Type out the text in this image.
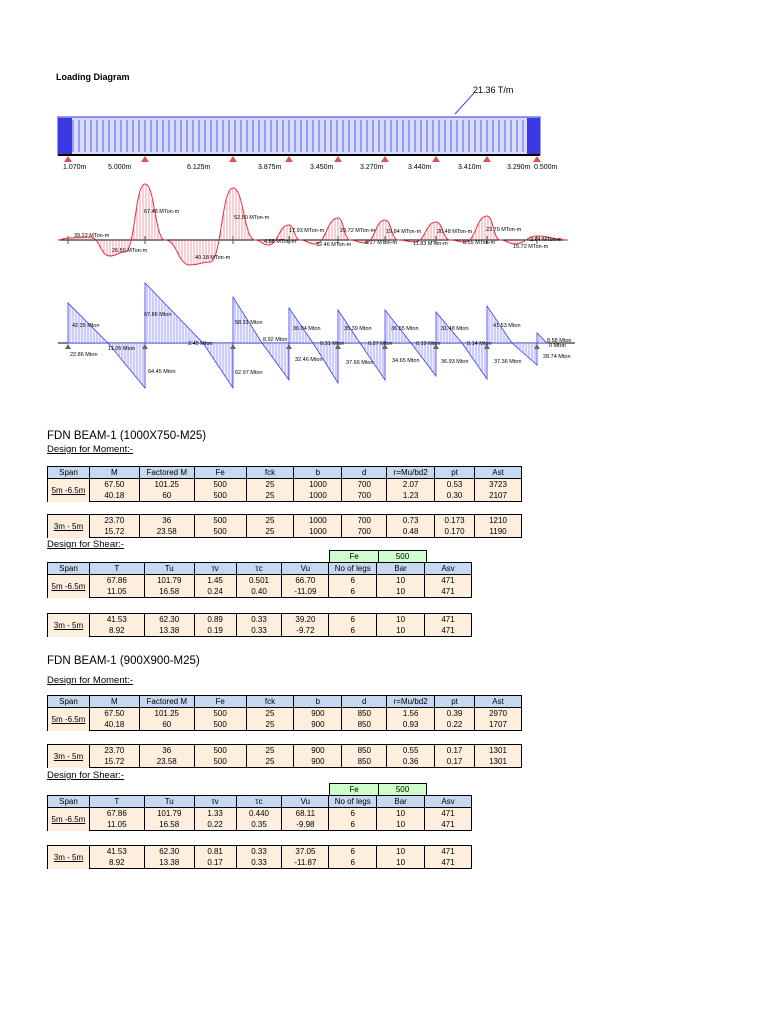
Loading Diagram
21.36 T/m
1.070m	5.000m	6.125m	3.875m	3.450m	3.270m	3.440m	3.410m	3.290m 0.500m
67.48 MTon-m
52.50 MTon-m
17.93 MTon-m	20.72 MTon-m 19.84 MTon-m	20.48 MTon-m	23.70 MTon-m
39.22 MTon-m
26.50 MTon-m
40.18 MTon-m
4.88 MTon-m	32.46 MTon-m	8.27 MTon-m	11.83 MTon-m	8.55 MTon-m
15.72 MTon-m
2.64 MTon-m
42.35 Mton
67.86 Mton
58.31 Mton
36.04 Mton	35.39 Mton	36.55 Mton	31.48 Mton	41.53 Mton
22.86 Mton
11.05 Mton
64.45 Mton
2.45 Mton
62.97 Mton
8.92 Mton
32.46 Mton
0.31 Mton
37.66 Mton
0.27 Mton
34.65 Mton
0.19 Mton
36.93 Mton
0.14 Mton
37.36 Mton
28.74 Mton
8.58 Mton
0 Mton
FDN BEAM-1 (1000X750-M25)
Design for Moment:-
Span	M	Factored M	Fe	fck	b	d	r=Mu/bd2	pt	Ast
5m -6.5m	67.50	101.25	500	25	1000	700	2.07	0.53	3723
	40.18	60	500	25	1000	700	1.23	0.30	2107
3m - 5m	23.70	36	500	25	1000	700	0.73	0.173	1210
	15.72	23.58	500	25	1000	700	0.48	0.170	1190
Design for Shear:-
Fe	500
Span	T	Tu	τv	τc	Vu	No of legs	Bar	Asv
5m -6.5m	67.86	101.79	1.45	0.501	66.70	6	10	471
	11.05	16.58	0.24	0.40	-11.09	6	10	471
3m - 5m	41.53	62.30	0.89	0.33	39.20	6	10	471
	8.92	13.38	0.19	0.33	-9.72	6	10	471
FDN BEAM-1 (900X900-M25)
Design for Moment:-
Span	M	Factored M	Fe	fck	b	d	r=Mu/bd2	pt	Ast
5m -6.5m	67.50	101.25	500	25	900	850	1.56	0.39	2970
	40.18	60	500	25	900	850	0.93	0.22	1707
3m - 5m	23.70	36	500	25	900	850	0.55	0.17	1301
	15.72	23.58	500	25	900	850	0.36	0.17	1301
Design for Shear:-
Fe	500
Span	T	Tu	τv	τc	Vu	No of legs	Bar	Asv
5m -6.5m	67.86	101.79	1.33	0.440	68.11	6	10	471
	11.05	16.58	0.22	0.35	-9.98	6	10	471
3m - 5m	41.53	62.30	0.81	0.33	37.05	6	10	471
	8.92	13.38	0.17	0.33	-11.87	6	10	471
